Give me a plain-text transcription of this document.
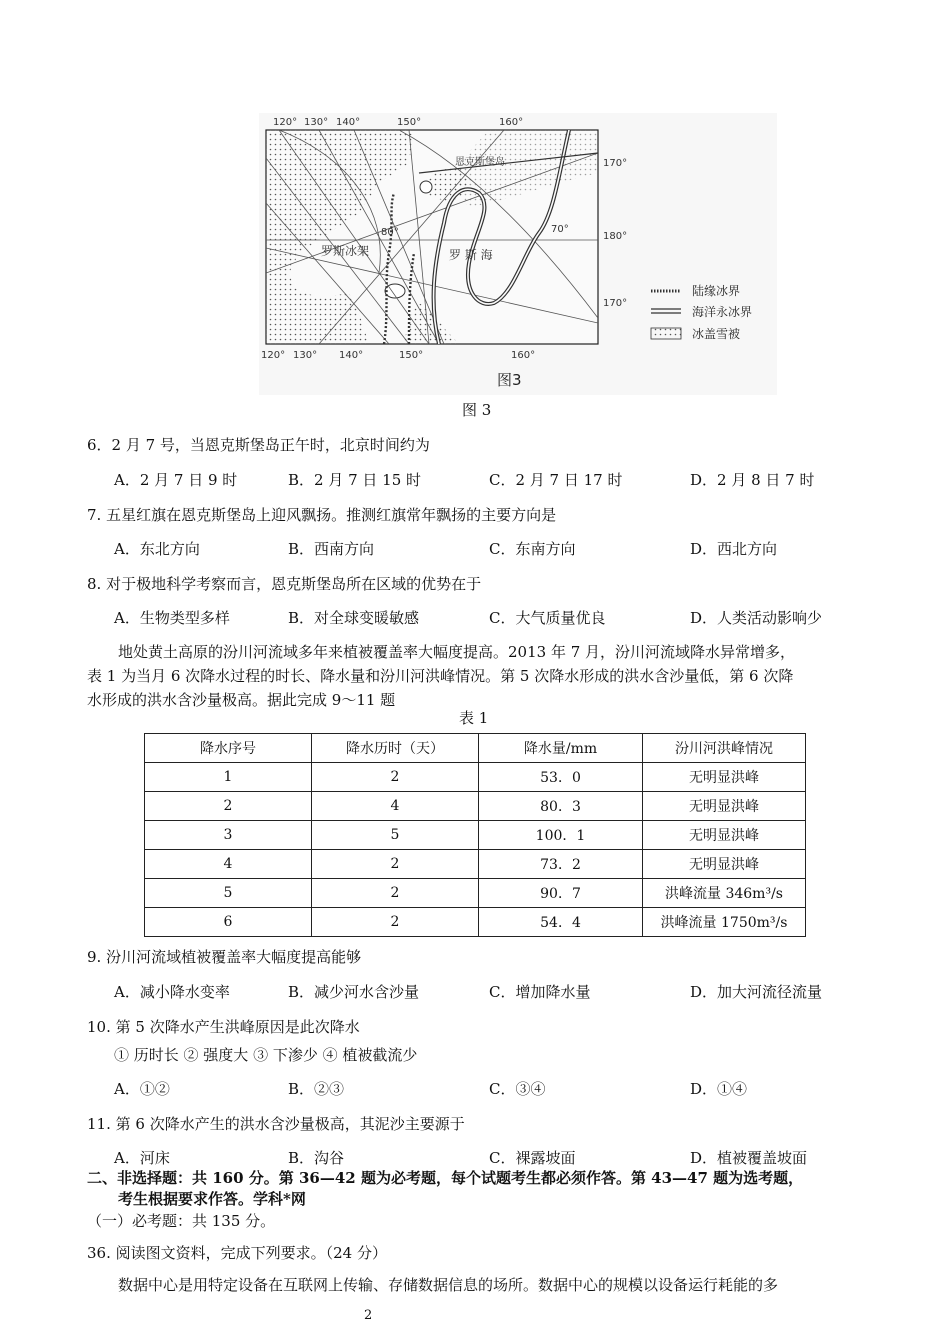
120° 130° 140°	150°	160°
120° 130° 140°	150°	160°
170°
180°
170°
80°	70°
恩克斯堡岛
罗斯冰架	罗 斯 海
陆缘冰界
海洋永冰界
冰盖雪被
图3
图 3
6．2 月 7 号，当恩克斯堡岛正午时，北京时间约为
A．2 月 7 日 9 时	B．2 月 7 日 15 时	C．2 月 7 日 17 时	D．2 月 8 日 7 时
7. 五星红旗在恩克斯堡岛上迎风飘扬。推测红旗常年飘扬的主要方向是
A．东北方向	B．西南方向	C．东南方向	D．西北方向
8. 对于极地科学考察而言，恩克斯堡岛所在区域的优势在于
A．生物类型多样	B．对全球变暖敏感	C．大气质量优良	D．人类活动影响少
地处黄土高原的汾川河流域多年来植被覆盖率大幅度提高。2013 年 7 月，汾川河流域降水异常增多，
表 1 为当月 6 次降水过程的时长、降水量和汾川河洪峰情况。第 5 次降水形成的洪水含沙量低，第 6 次降
水形成的洪水含沙量极高。据此完成 9～11 题
表 1
降水序号	降水历时（天）	降水量/mm	汾川河洪峰情况
1	2	53．0	无明显洪峰
2	4	80．3	无明显洪峰
3	5	100．1	无明显洪峰
4	2	73．2	无明显洪峰
5	2	90．7	洪峰流量 346m³/s
6	2	54．4	洪峰流量 1750m³/s
9. 汾川河流域植被覆盖率大幅度提高能够
A．减小降水变率	B．减少河水含沙量	C．增加降水量	D．加大河流径流量
10. 第 5 次降水产生洪峰原因是此次降水
① 历时长 ② 强度大 ③ 下渗少 ④ 植被截流少
A．①②	B．②③	C．③④	D．①④
11. 第 6 次降水产生的洪水含沙量极高，其泥沙主要源于
A．河床	B．沟谷	C．裸露坡面	D．植被覆盖坡面
二、非选择题：共 160 分。第 36—42 题为必考题，每个试题考生都必须作答。第 43—47 题为选考题，
考生根据要求作答。学科*网
（一）必考题：共 135 分。
36. 阅读图文资料，完成下列要求。（24 分）
数据中心是用特定设备在互联网上传输、存储数据信息的场所。数据中心的规模以设备运行耗能的多
2
